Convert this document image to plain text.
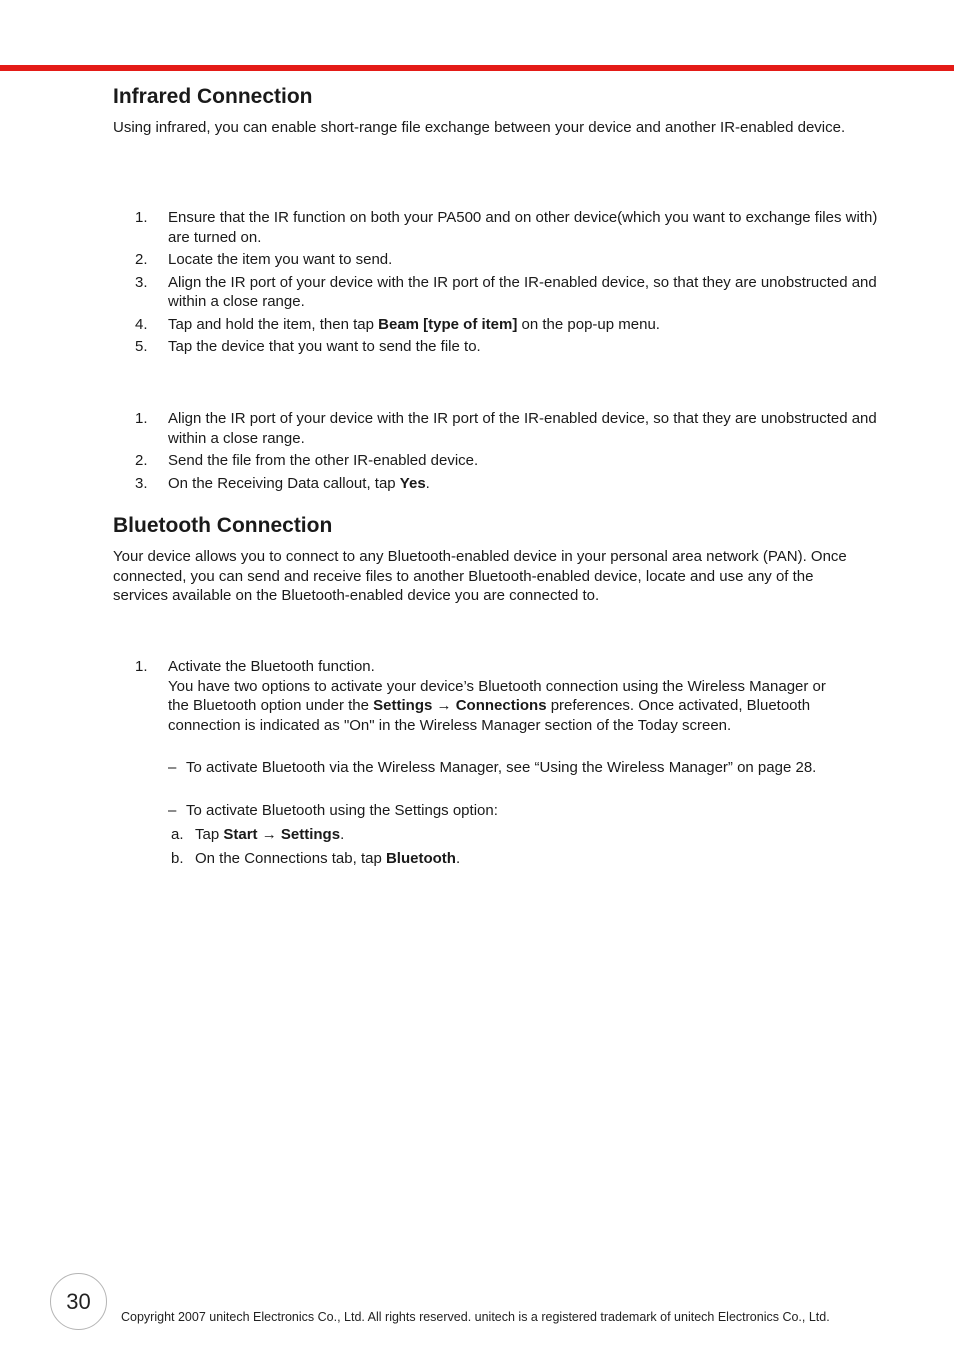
Infrared Connection

Using infrared, you can enable short-range file exchange between your device and another IR-enabled device.

1. Ensure that the IR function on both your PA500 and on other device(which you want to exchange files with) are turned on.
2. Locate the item you want to send.
3. Align the IR port of your device with the IR port of the IR-enabled device, so that they are unobstructed and within a close range.
4. Tap and hold the item, then tap Beam [type of item] on the pop-up menu.
5. Tap the device that you want to send the file to.
1. Align the IR port of your device with the IR port of the IR-enabled device, so that they are unobstructed and within a close range.
2. Send the file from the other IR-enabled device.
3. On the Receiving Data callout, tap Yes.
Bluetooth Connection

Your device allows you to connect to any Bluetooth-enabled device in your personal area network (PAN). Once connected, you can send and receive files to another Bluetooth-enabled device, locate and use any of the services available on the Bluetooth-enabled device you are connected to.

1. Activate the Bluetooth function.
You have two options to activate your device’s Bluetooth connection using the Wireless Manager or the Bluetooth option under the Settings → Connections preferences. Once activated, Bluetooth connection is indicated as "On" in the Wireless Manager section of the Today screen.
– To activate Bluetooth via the Wireless Manager, see “Using the Wireless Manager” on page 28.
– To activate Bluetooth using the Settings option:
a. Tap Start → Settings.
b. On the Connections tab, tap Bluetooth.
30
Copyright 2007 unitech Electronics Co., Ltd. All rights reserved. unitech is a registered trademark of unitech Electronics Co., Ltd.
